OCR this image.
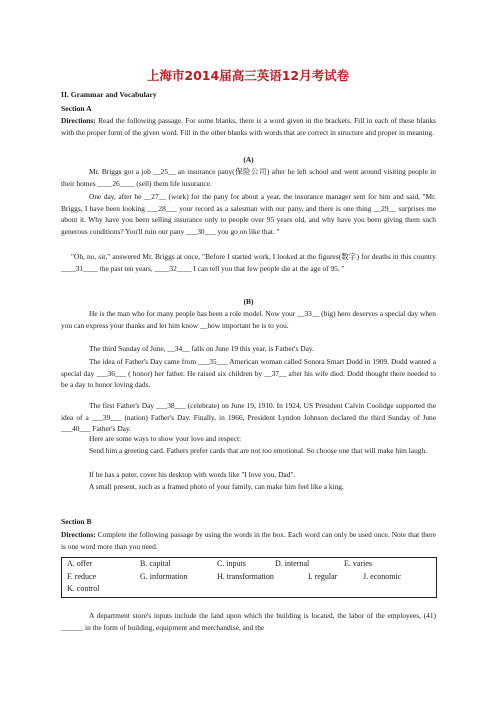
上海市2014届高三英语12月考试卷
II. Grammar and Vocabulary
Section A

Directions: Read the following passage. For some blanks, there is a word given in the brackets. Fill in each of these blanks with the proper form of the given word. Fill in the other blanks with words that are correct in structure and proper in meaning.

(A)

Mr. Briggs got a job __25__ an insurance pany(保险公司) after he left school and went around visiting people in their homes ____26____ (sell) them life insurance.

One day, after he __27__ (work) for the pany for about a year, the insurance manager sent for him and said, "Mr. Briggs, I have been looking ___28___ your record as a salesman with our pany, and there is one thing __29__ surprises me about it. Why have you been selling insurance only to people over 95 years old, and why have you been giving them such generous conditions? You'll ruin our pany ___30___ you go on like that. "

"Oh, no, sir," answered Mr. Briggs at once, "Before I started work, I looked at the figures(数字) for deaths in this country ____31____ the past ten years, ____32____ I can tell you that few people die at the age of 95. "

(B)

He is the man who for many people has been a role model. Now your __33__ (big) hero deserves a special day when you can express your thanks and let him know __how important he is to you.

The third Sunday of June, __34__ falls on June 19 this year, is Father's Day.

The idea of Father's Day came from ___35___ American woman called Sonora Smart Dodd in 1909. Dodd wanted a special day ___36___ ( honor) her father. He raised six children by __37__ after his wife died. Dodd thought there needed to be a day to honor loving dads.

The first Father's Day ___38___ (celebrate) on June 19, 1910. In 1924, US President Calvin Coolidge supported the idea of a ___39___ (nation) Father's Day. Finally, in 1966, President Lyndon Johnson declared the third Sunday of June ___40___ Father's Day.

Here are some ways to show your love and respect:

Send him a greeting card. Fathers prefer cards that are not too emotional. So choose one that will make him laugh.

If he has a puter, cover his desktop with words like "I love you, Dad".

A small present, such as a framed photo of your family, can make him feel like a king.

Section B

Directions: Complete the following passage by using the words in the box. Each word can only be used once. Note that there is one word more than you need.

A. offer	B. capital	C. inputs	D. internal	E. varies
F. reduce	G. information	H. transformation	I. regular	J. economic
K. control

A department store's inputs include the land upon which the building is located, the labor of the employees, (41) ______ in the form of building, equipment and merchandise, and the
